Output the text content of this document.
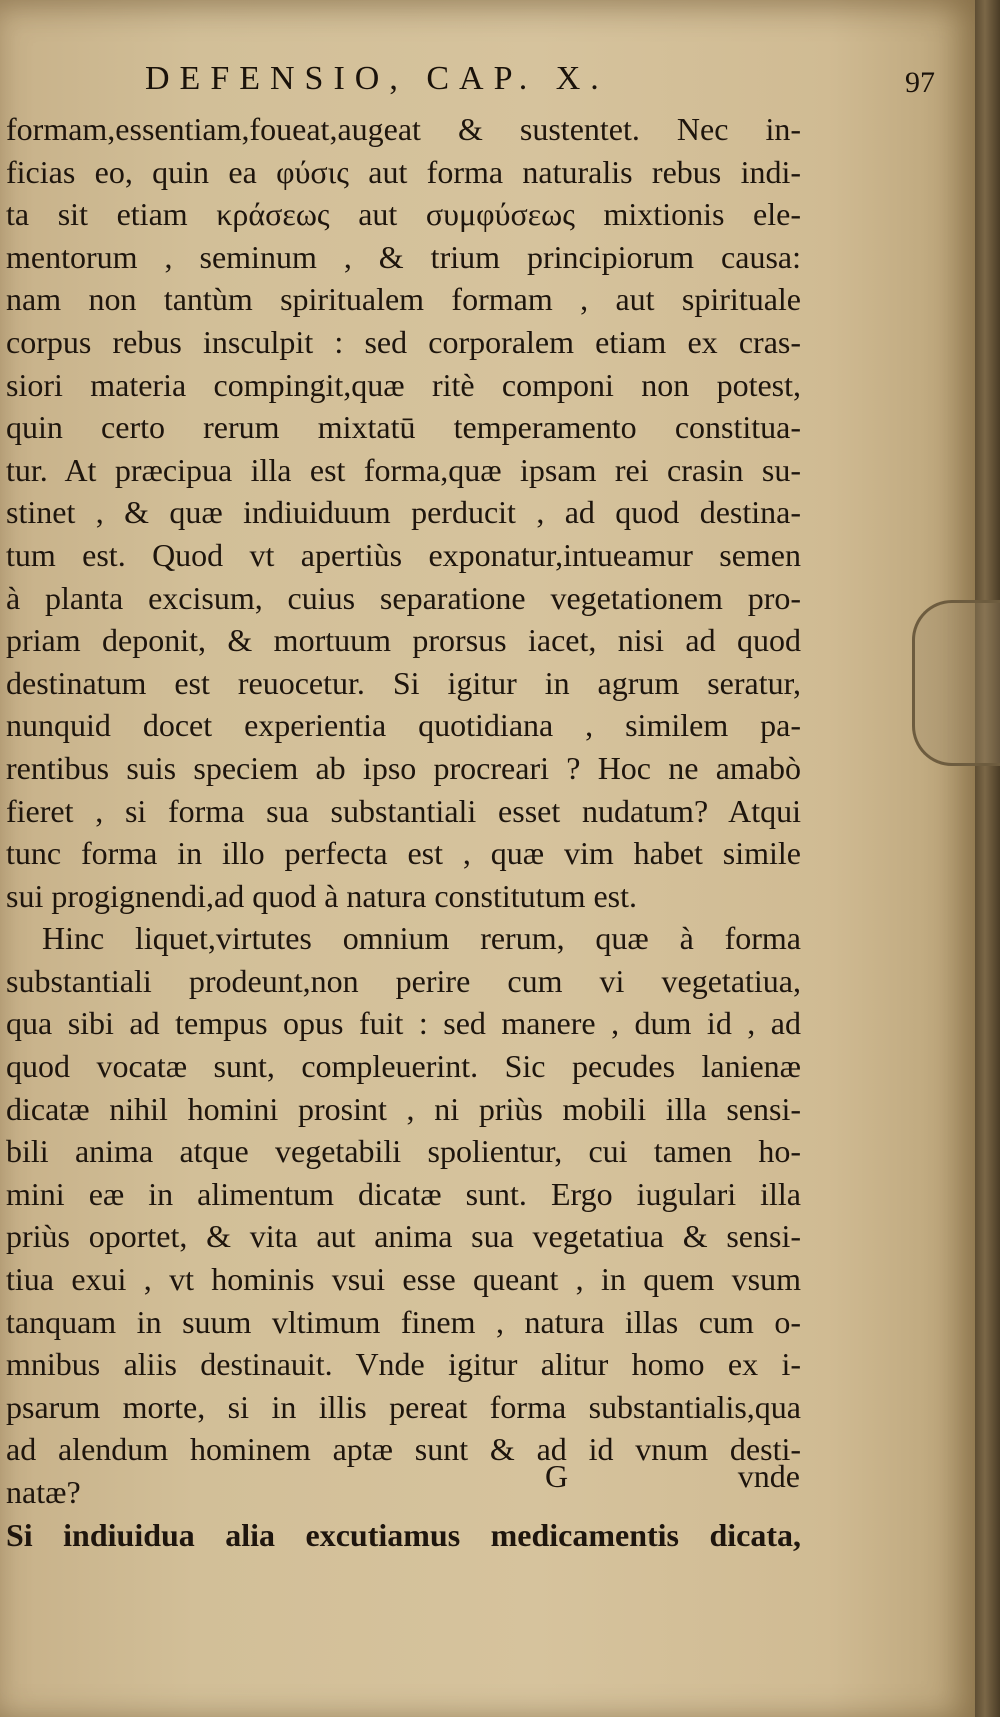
DEFENSIO, CAP. X.	97
formam,essentiam,foueat,augeat & sustentet. Nec in-
ficias eo, quin ea φύσις aut forma naturalis rebus indi-
ta sit etiam κράσεως aut συμφύσεως mixtionis ele-
mentorum , seminum , & trium principiorum causa:
nam non tantùm spiritualem formam , aut spirituale
corpus rebus insculpit : sed corporalem etiam ex cras-
siori materia compingit,quæ ritè componi non potest,
quin certo rerum mixtatū temperamento constitua-
tur. At præcipua illa est forma,quæ ipsam rei crasin su-
stinet , & quæ indiuiduum perducit , ad quod destina-
tum est. Quod vt apertiùs exponatur,intueamur semen
à planta excisum, cuius separatione vegetationem pro-
priam deponit, & mortuum prorsus iacet, nisi ad quod
destinatum est reuocetur. Si igitur in agrum seratur,
nunquid docet experientia quotidiana , similem pa-
rentibus suis speciem ab ipso procreari ? Hoc ne amabò
fieret , si forma sua substantiali esset nudatum? Atqui
tunc forma in illo perfecta est , quæ vim habet simile
sui progignendi,ad quod à natura constitutum est.
Hinc liquet,virtutes omnium rerum, quæ à forma
substantiali prodeunt,non perire cum vi vegetatiua,
qua sibi ad tempus opus fuit : sed manere , dum id , ad
quod vocatæ sunt, compleuerint. Sic pecudes lanienæ
dicatæ nihil homini prosint , ni priùs mobili illa sensi-
bili anima atque vegetabili spolientur, cui tamen ho-
mini eæ in alimentum dicatæ sunt. Ergo iugulari illa
priùs oportet, & vita aut anima sua vegetatiua & sensi-
tiua exui , vt hominis vsui esse queant , in quem vsum
tanquam in suum vltimum finem , natura illas cum o-
mnibus aliis destinauit. Vnde igitur alitur homo ex i-
psarum morte, si in illis pereat forma substantialis,qua
ad alendum hominem aptæ sunt & ad id vnum desti-
natæ?
Si indiuidua alia excutiamus medicamentis dicata,
G	vnde
